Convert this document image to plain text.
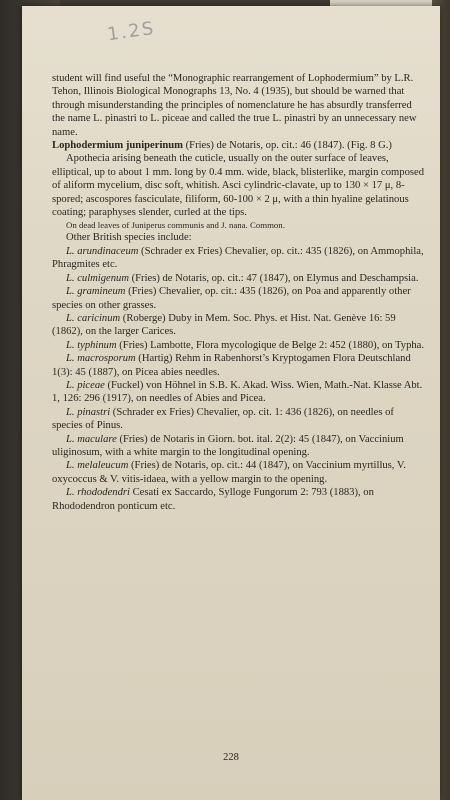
1.2S

student will find useful the “Monographic rearrangement of Lophodermium” by L.R. Tehon, Illinois Biological Monographs 13, No. 4 (1935), but should be warned that through misunderstanding the principles of nomenclature he has absurdly transferred the name L. pinastri to L. piceae and called the true L. pinastri by an unnecessary new name.

Lophodermium juniperinum (Fries) de Notaris, op. cit.: 46 (1847). (Fig. 8 G.)

Apothecia arising beneath the cuticle, usually on the outer surface of leaves, elliptical, up to about 1 mm. long by 0.4 mm. wide, black, blisterlike, margin composed of aliform mycelium, disc soft, whitish. Asci cylindric-clavate, up to 130 × 17 μ, 8-spored; ascospores fasciculate, filiform, 60-100 × 2 μ, with a thin hyaline gelatinous coating; paraphyses slender, curled at the tips.

On dead leaves of Juniperus communis and J. nana. Common.

Other British species include:

L. arundinaceum (Schrader ex Fries) Chevalier, op. cit.: 435 (1826), on Ammophila, Phragmites etc.

L. culmigenum (Fries) de Notaris, op. cit.: 47 (1847), on Elymus and Deschampsia.

L. gramineum (Fries) Chevalier, op. cit.: 435 (1826), on Poa and apparently other species on other grasses.

L. caricinum (Roberge) Duby in Mem. Soc. Phys. et Hist. Nat. Genève 16: 59 (1862), on the larger Carices.

L. typhinum (Fries) Lambotte, Flora mycologique de Belge 2: 452 (1880), on Typha.

L. macrosporum (Hartig) Rehm in Rabenhorst’s Kryptogamen Flora Deutschland 1(3): 45 (1887), on Picea abies needles.

L. piceae (Fuckel) von Höhnel in S.B. K. Akad. Wiss. Wien, Math.-Nat. Klasse Abt. 1, 126: 296 (1917), on needles of Abies and Picea.

L. pinastri (Schrader ex Fries) Chevalier, op. cit. 1: 436 (1826), on needles of species of Pinus.

L. maculare (Fries) de Notaris in Giorn. bot. ital. 2(2): 45 (1847), on Vaccinium uliginosum, with a white margin to the longitudinal opening.

L. melaleucum (Fries) de Notaris, op. cit.: 44 (1847), on Vaccinium myrtillus, V. oxycoccus & V. vitis-idaea, with a yellow margin to the opening.

L. rhododendri Cesati ex Saccardo, Sylloge Fungorum 2: 793 (1883), on Rhododendron ponticum etc.

228
